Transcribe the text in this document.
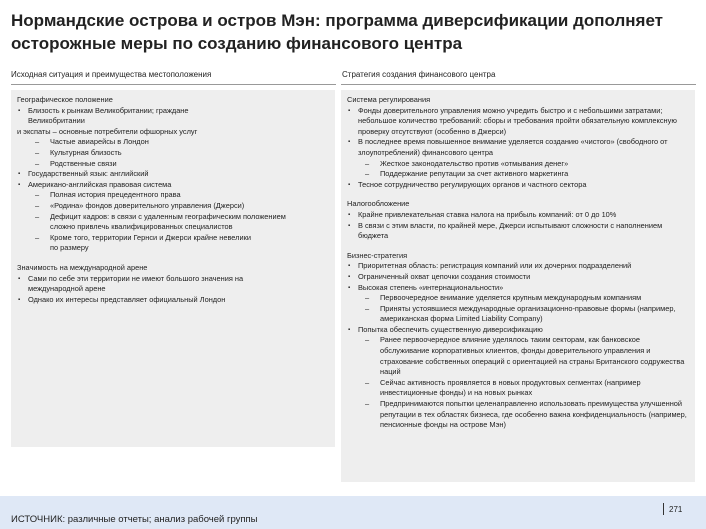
Нормандские острова и остров Мэн: программа диверсификации дополняет осторожные меры по созданию финансового центра
Исходная ситуация и преимущества местоположения	Стратегия создания финансового центра
Географическое положение
▪ Близость к рынкам Великобритании; граждане
Великобритании
и экспаты – основные потребители офшорных услуг
– Частые авиарейсы в Лондон
– Культурная близость
– Родственные связи
▪ Государственный язык: английский
▪ Американо-английская правовая система
– Полная история прецедентного права
– «Родина» фондов доверительного управления (Джерси)
– Дефицит кадров: в связи с удаленным географическим положением сложно привлечь квалифицированных специалистов
– Кроме того, территории Гернси и Джерси крайне невелики
по размеру
Значимость на международной арене
▪ Сами по себе эти территории не имеют большого значения на международной арене
▪ Однако их интересы представляет официальный Лондон
Система регулирования
▪ Фонды доверительного управления можно учредить быстро и с небольшими затратами; небольшое количество требований: сборы и требования пройти обязательную комплексную проверку отсутствуют (особенно в Джерси)
▪ В последнее время повышенное внимание уделяется созданию «чистого» (свободного от злоупотреблений) финансового центра
– Жесткое законодательство против «отмывания денег»
– Поддержание репутации за счет активного маркетинга
▪ Тесное сотрудничество регулирующих органов и частного сектора
Налогообложение
▪ Крайне привлекательная ставка налога на прибыль компаний: от 0 до 10%
▪ В связи с этим власти, по крайней мере, Джерси испытывают сложности с наполнением бюджета
Бизнес-стратегия
▪ Приоритетная область: регистрация компаний или их дочерних подразделений
▪ Ограниченный охват цепочки создания стоимости
▪ Высокая степень «интернациональности»
– Первоочередное внимание уделяется крупным международным компаниям
– Приняты устоявшиеся международные организационно-правовые формы (например, американская форма Limited Liability Company)
▪ Попытка обеспечить существенную диверсификацию
– Ранее первоочередное влияние уделялось таким секторам, как банковское обслуживание корпоративных клиентов, фонды доверительного управления и страхование собственных операций с ориентацией на страны Британского содружества наций
– Сейчас активность проявляется в новых продуктовых сегментах (например инвестиционные фонды) и на новых рынках
– Предпринимаются попытки целенаправленно использовать преимущества улучшенной репутации в тех областях бизнеса, где особенно важна конфиденциальность (например, пенсионные фонды на острове Мэн)
ИСТОЧНИК: различные отчеты; анализ рабочей группы
271
